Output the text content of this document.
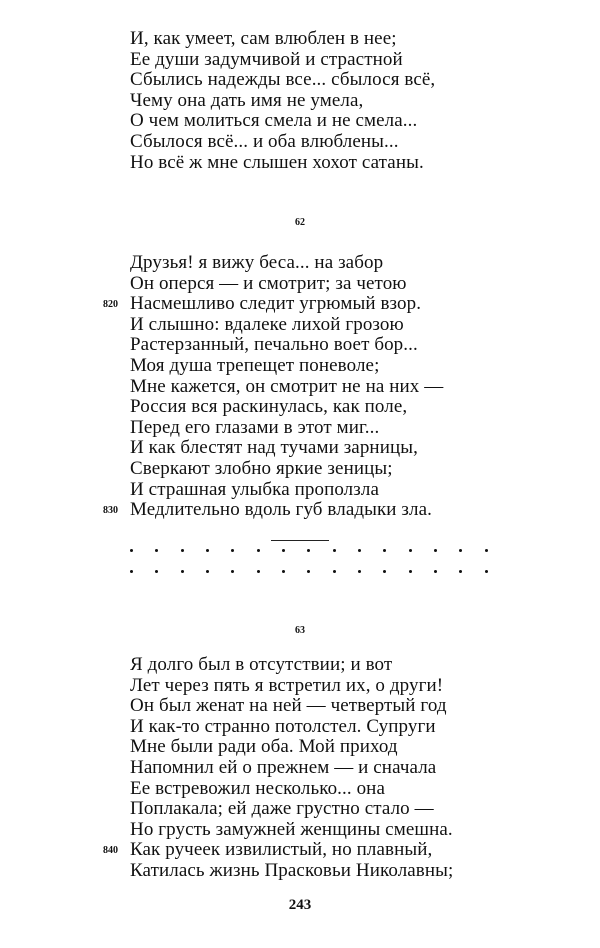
И, как умеет, сам влюблен в нее;
Ее души задумчивой и страстной
Сбылись надежды все... сбылося всё,
Чему она дать имя не умела,
О чем молиться смела и не смела...
Сбылося всё... и оба влюблены...
Но всё ж мне слышен хохот сатаны.
62
Друзья! я вижу беса... на забор
Он оперся — и смотрит; за четою
820 Насмешливо следит угрюмый взор.
И слышно: вдалеке лихой грозою
Растерзанный, печально воет бор...
Моя душа трепещет поневоле;
Мне кажется, он смотрит не на них —
Россия вся раскинулась, как поле,
Перед его глазами в этот миг...
И как блестят над тучами зарницы,
Сверкают злобно яркие зеницы;
И страшная улыбка проползла
830 Медлительно вдоль губ владыки зла.
63
Я долго был в отсутствии; и вот
Лет через пять я встретил их, о други!
Он был женат на ней — четвертый год
И как-то странно потолстел. Супруги
Мне были ради оба. Мой приход
Напомнил ей о прежнем — и сначала
Ее встревожил несколько... она
Поплакала; ей даже грустно стало —
Но грусть замужней женщины смешна.
840 Как ручеек извилистый, но плавный,
Катилась жизнь Прасковьи Николавны;
243
